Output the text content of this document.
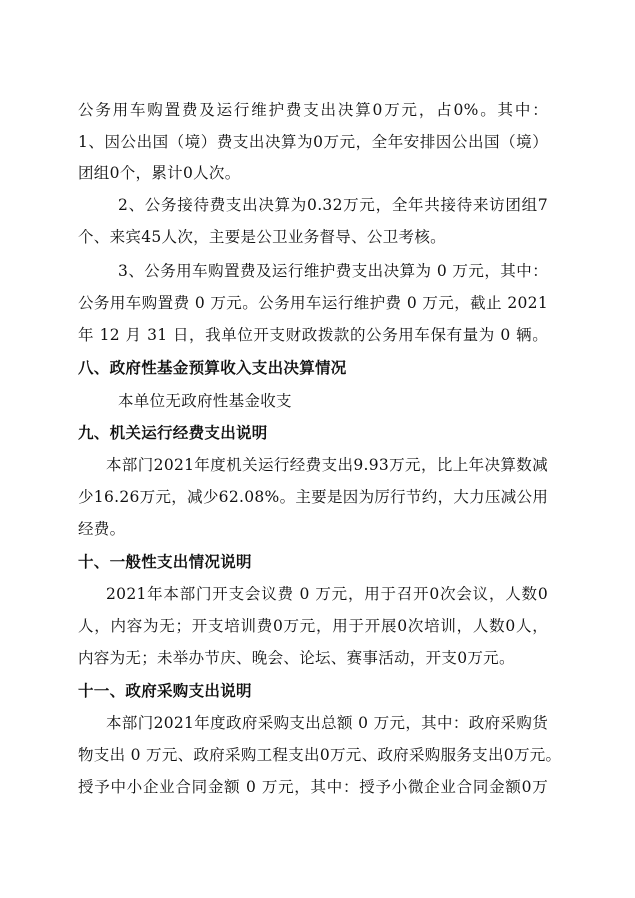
公务用车购置费及运行维护费支出决算0万元，占0%。其中：
1、因公出国（境）费支出决算为0万元，全年安排因公出国（境）
团组0个，累计0人次。
2、公务接待费支出决算为0.32万元，全年共接待来访团组7
个、来宾45人次，主要是公卫业务督导、公卫考核。
3、公务用车购置费及运行维护费支出决算为 0 万元，其中：
公务用车购置费 0 万元。公务用车运行维护费 0 万元，截止 2021
年 12 月 31 日，我单位开支财政拨款的公务用车保有量为 0 辆。
八、政府性基金预算收入支出决算情况
本单位无政府性基金收支
九、机关运行经费支出说明
本部门2021年度机关运行经费支出9.93万元，比上年决算数减
少16.26万元，减少62.08%。主要是因为厉行节约，大力压减公用
经费。
十、一般性支出情况说明
2021年本部门开支会议费 0 万元，用于召开0次会议，人数0
人，内容为无；开支培训费0万元，用于开展0次培训，人数0人，
内容为无；未举办节庆、晚会、论坛、赛事活动，开支0万元。
十一、政府采购支出说明
本部门2021年度政府采购支出总额 0 万元，其中：政府采购货
物支出 0 万元、政府采购工程支出0万元、政府采购服务支出0万元。
授予中小企业合同金额 0 万元，其中：授予小微企业合同金额0万
